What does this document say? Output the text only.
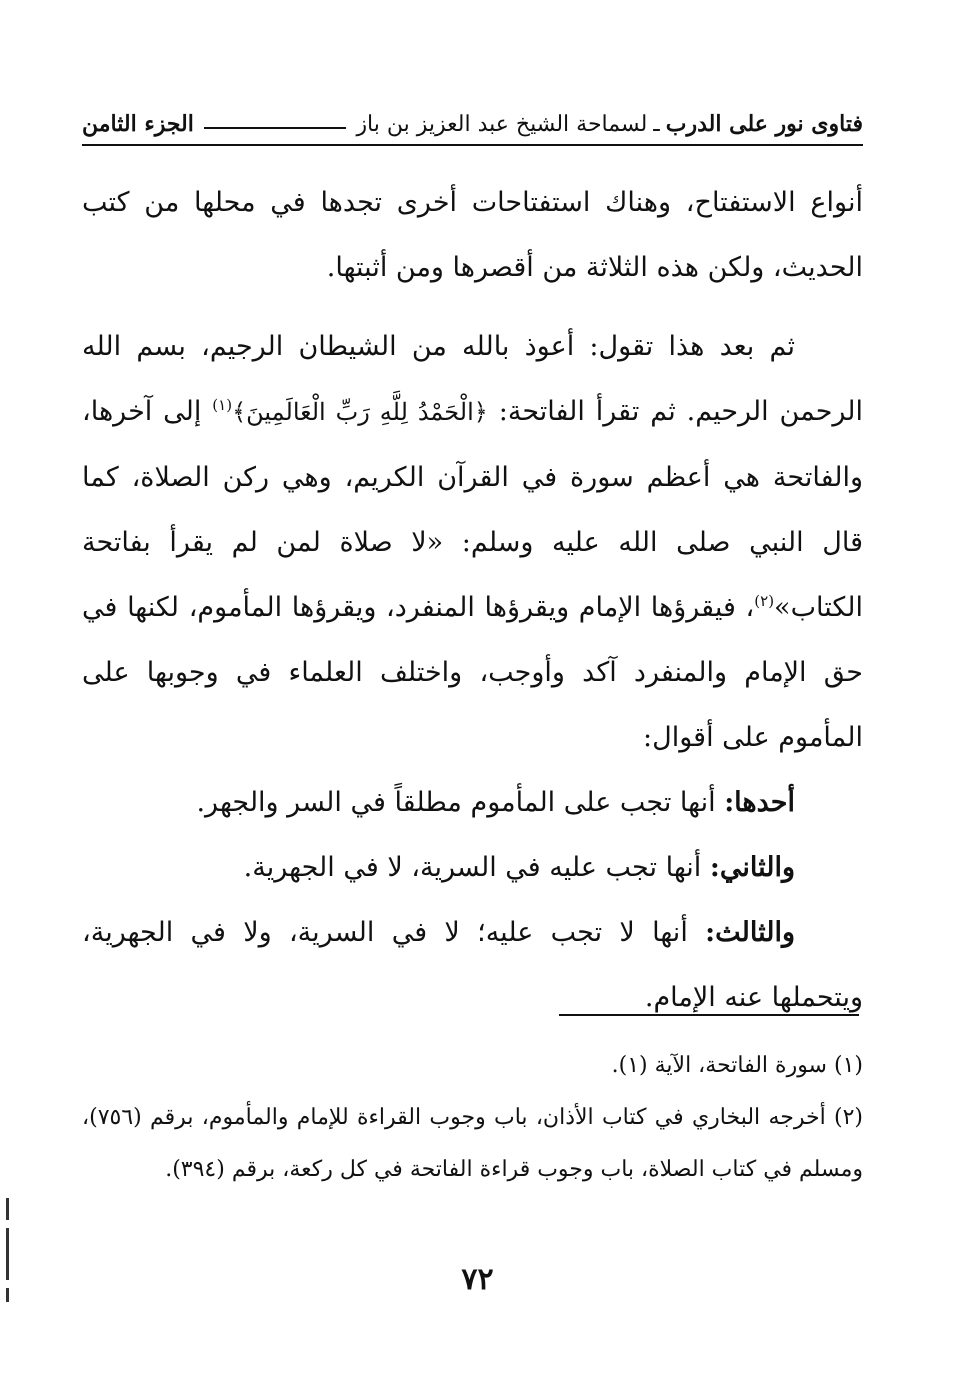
فتاوى نور على الدرب
ـ
لسماحة الشيخ عبد العزيز بن باز
الجزء الثامن

أنواع الاستفتاح، وهناك استفتاحات أخرى تجدها في محلها من كتب الحديث، ولكن هذه الثلاثة من أقصرها ومن أثبتها.

ثم بعد هذا تقول: أعوذ بالله من الشيطان الرجيم، بسم الله الرحمن الرحيم. ثم تقرأ الفاتحة: ﴿الْحَمْدُ لِلَّهِ رَبِّ الْعَالَمِينَ﴾$^{(١)}$ إلى آخرها، والفاتحة هي أعظم سورة في القرآن الكريم، وهي ركن الصلاة، كما قال النبي صلى الله عليه وسلم: «لا صلاة لمن لم يقرأ بفاتحة الكتاب»$^{(٢)}$، فيقرؤها الإمام ويقرؤها المنفرد، ويقرؤها المأموم، لكنها في حق الإمام والمنفرد آكد وأوجب، واختلف العلماء في وجوبها على المأموم على أقوال:

أحدها: أنها تجب على المأموم مطلقاً في السر والجهر.

والثاني: أنها تجب عليه في السرية، لا في الجهرية.

والثالث: أنها لا تجب عليه؛ لا في السرية، ولا في الجهرية، ويتحملها عنه الإمام.

(١) سورة الفاتحة، الآية (١).

(٢) أخرجه البخاري في كتاب الأذان، باب وجوب القراءة للإمام والمأموم، برقم (٧٥٦)، ومسلم في كتاب الصلاة، باب وجوب قراءة الفاتحة في كل ركعة، برقم (٣٩٤).

٧٢
